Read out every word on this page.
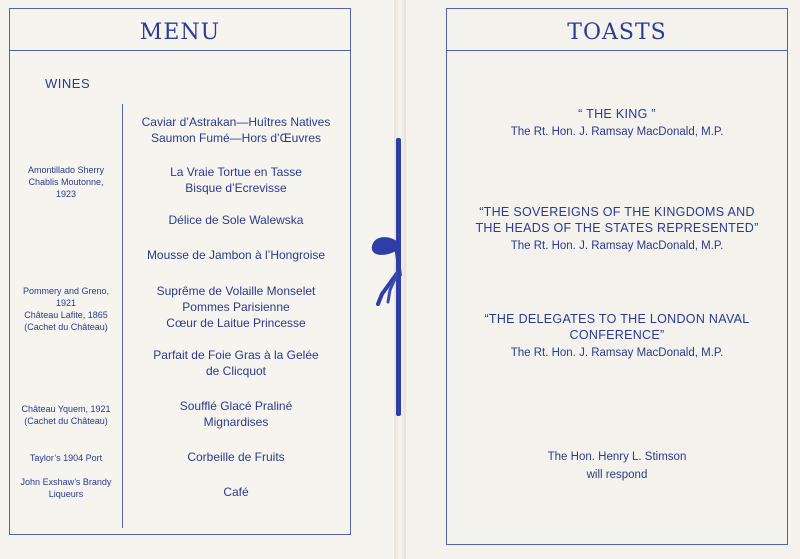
MENU
WINES
Caviar d’Astrakan—Huîtres Natives
Saumon Fumé—Hors d’Œuvres
La Vraie Tortue en Tasse
Bisque d’Ecrevisse
Délice de Sole Walewska
Mousse de Jambon à l’Hongroise
Suprême de Volaille Monselet
Pommes Parisienne
Cœur de Laitue Princesse
Parfait de Foie Gras à la Gelée
de Clicquot
Soufflé Glacé Praliné
Mignardises
Corbeille de Fruits
Café
Amontillado Sherry
Chablis Moutonne,
1923
Pommery and Greno,
1921
Château Lafite, 1865
(Cachet du Château)
Château Yquem, 1921
(Cachet du Château)
Taylor’s 1904 Port
John Exshaw’s Brandy
Liqueurs
TOASTS
“ THE KING ”
The Rt. Hon. J. Ramsay MacDonald, M.P.
“THE SOVEREIGNS OF THE KINGDOMS AND
THE HEADS OF THE STATES REPRESENTED”
The Rt. Hon. J. Ramsay MacDonald, M.P.
“THE DELEGATES TO THE LONDON NAVAL
CONFERENCE”
The Rt. Hon. J. Ramsay MacDonald, M.P.
The Hon. Henry L. Stimson
will respond
